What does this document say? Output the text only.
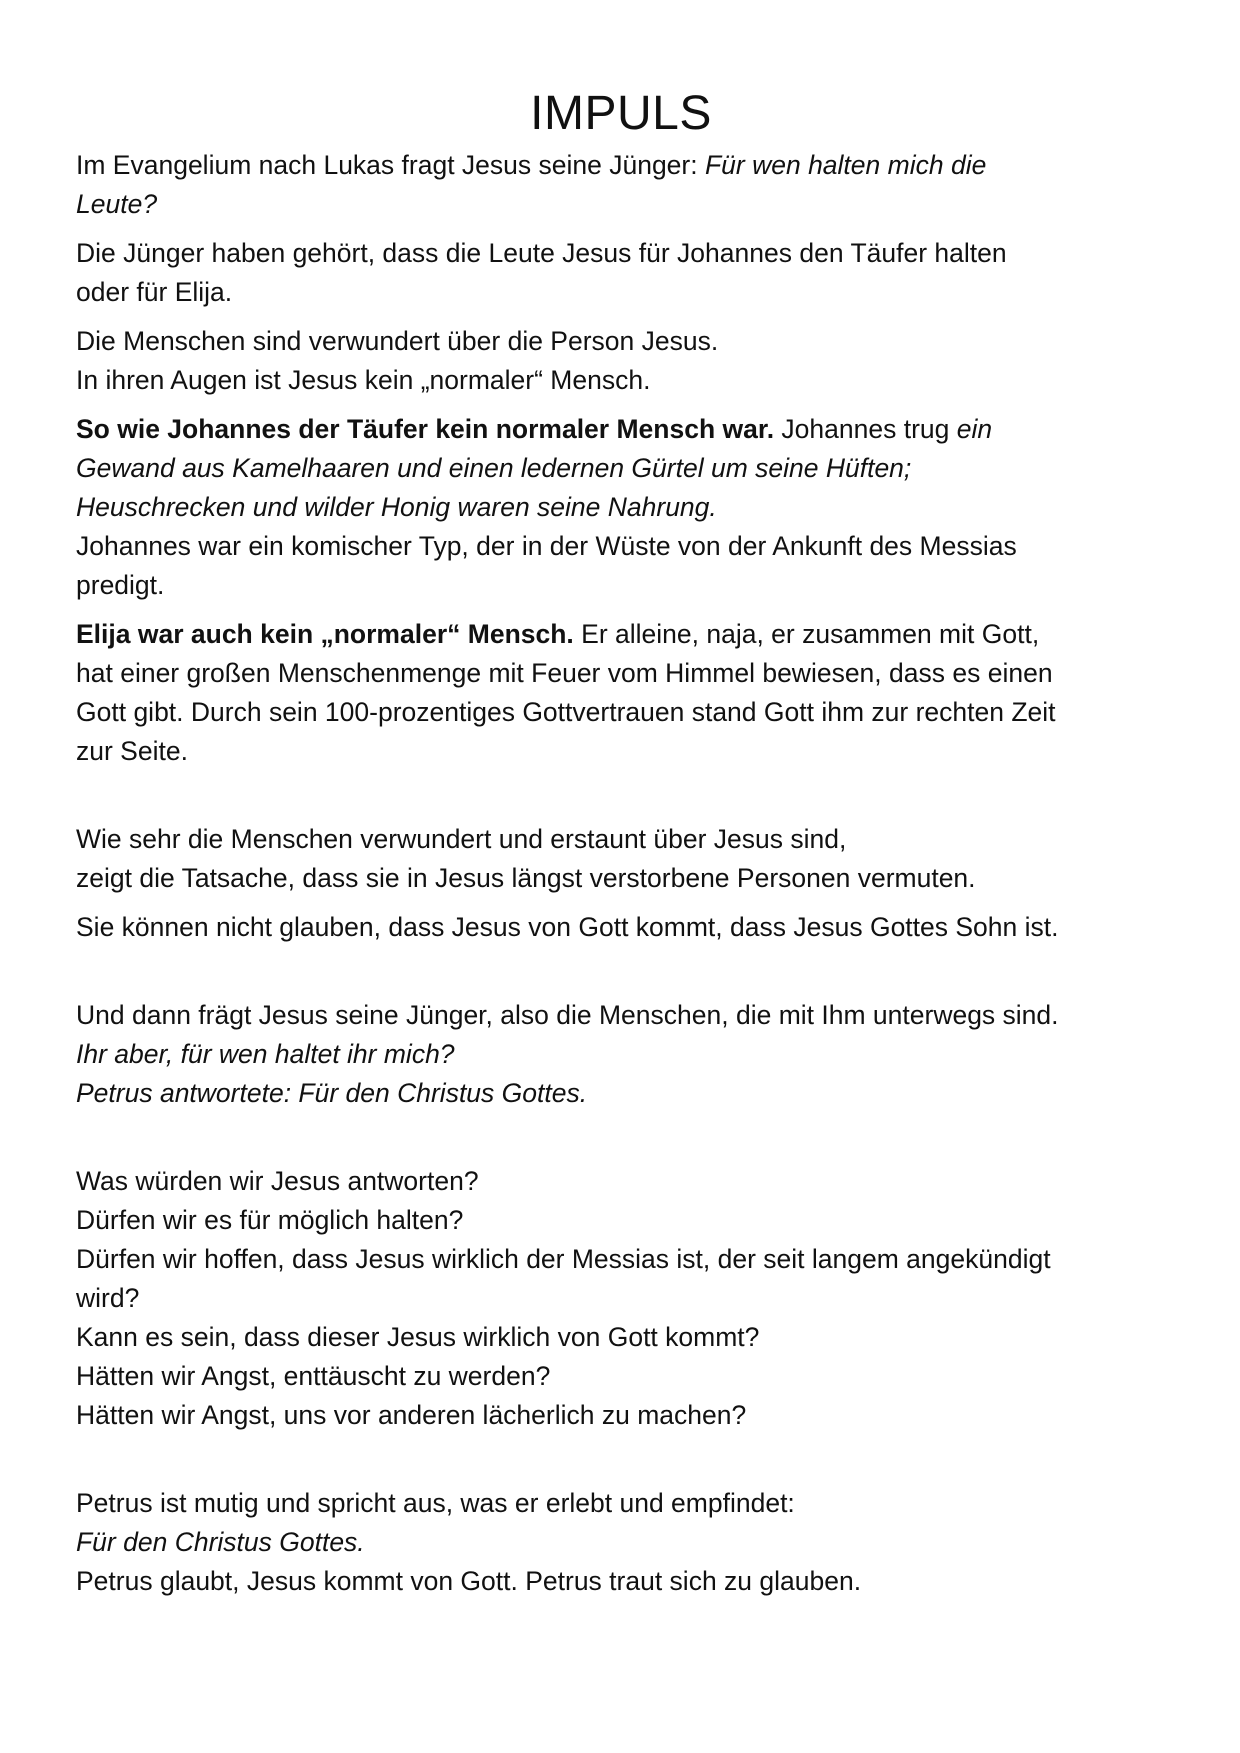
IMPULS

Im Evangelium nach Lukas fragt Jesus seine Jünger: Für wen halten mich die
Leute?

Die Jünger haben gehört, dass die Leute Jesus für Johannes den Täufer halten
oder für Elija.

Die Menschen sind verwundert über die Person Jesus.
In ihren Augen ist Jesus kein „normaler“ Mensch.

So wie Johannes der Täufer kein normaler Mensch war. Johannes trug ein
Gewand aus Kamelhaaren und einen ledernen Gürtel um seine Hüften;
Heuschrecken und wilder Honig waren seine Nahrung.
Johannes war ein komischer Typ, der in der Wüste von der Ankunft des Messias
predigt.

Elija war auch kein „normaler“ Mensch. Er alleine, naja, er zusammen mit Gott,
hat einer großen Menschenmenge mit Feuer vom Himmel bewiesen, dass es einen
Gott gibt. Durch sein 100-prozentiges Gottvertrauen stand Gott ihm zur rechten Zeit
zur Seite.

Wie sehr die Menschen verwundert und erstaunt über Jesus sind,
zeigt die Tatsache, dass sie in Jesus längst verstorbene Personen vermuten.

Sie können nicht glauben, dass Jesus von Gott kommt, dass Jesus Gottes Sohn ist.

Und dann frägt Jesus seine Jünger, also die Menschen, die mit Ihm unterwegs sind.
Ihr aber, für wen haltet ihr mich?
Petrus antwortete: Für den Christus Gottes.

Was würden wir Jesus antworten?
Dürfen wir es für möglich halten?
Dürfen wir hoffen, dass Jesus wirklich der Messias ist, der seit langem angekündigt
wird?
Kann es sein, dass dieser Jesus wirklich von Gott kommt?
Hätten wir Angst, enttäuscht zu werden?
Hätten wir Angst, uns vor anderen lächerlich zu machen?

Petrus ist mutig und spricht aus, was er erlebt und empfindet:
Für den Christus Gottes.
Petrus glaubt, Jesus kommt von Gott. Petrus traut sich zu glauben.
